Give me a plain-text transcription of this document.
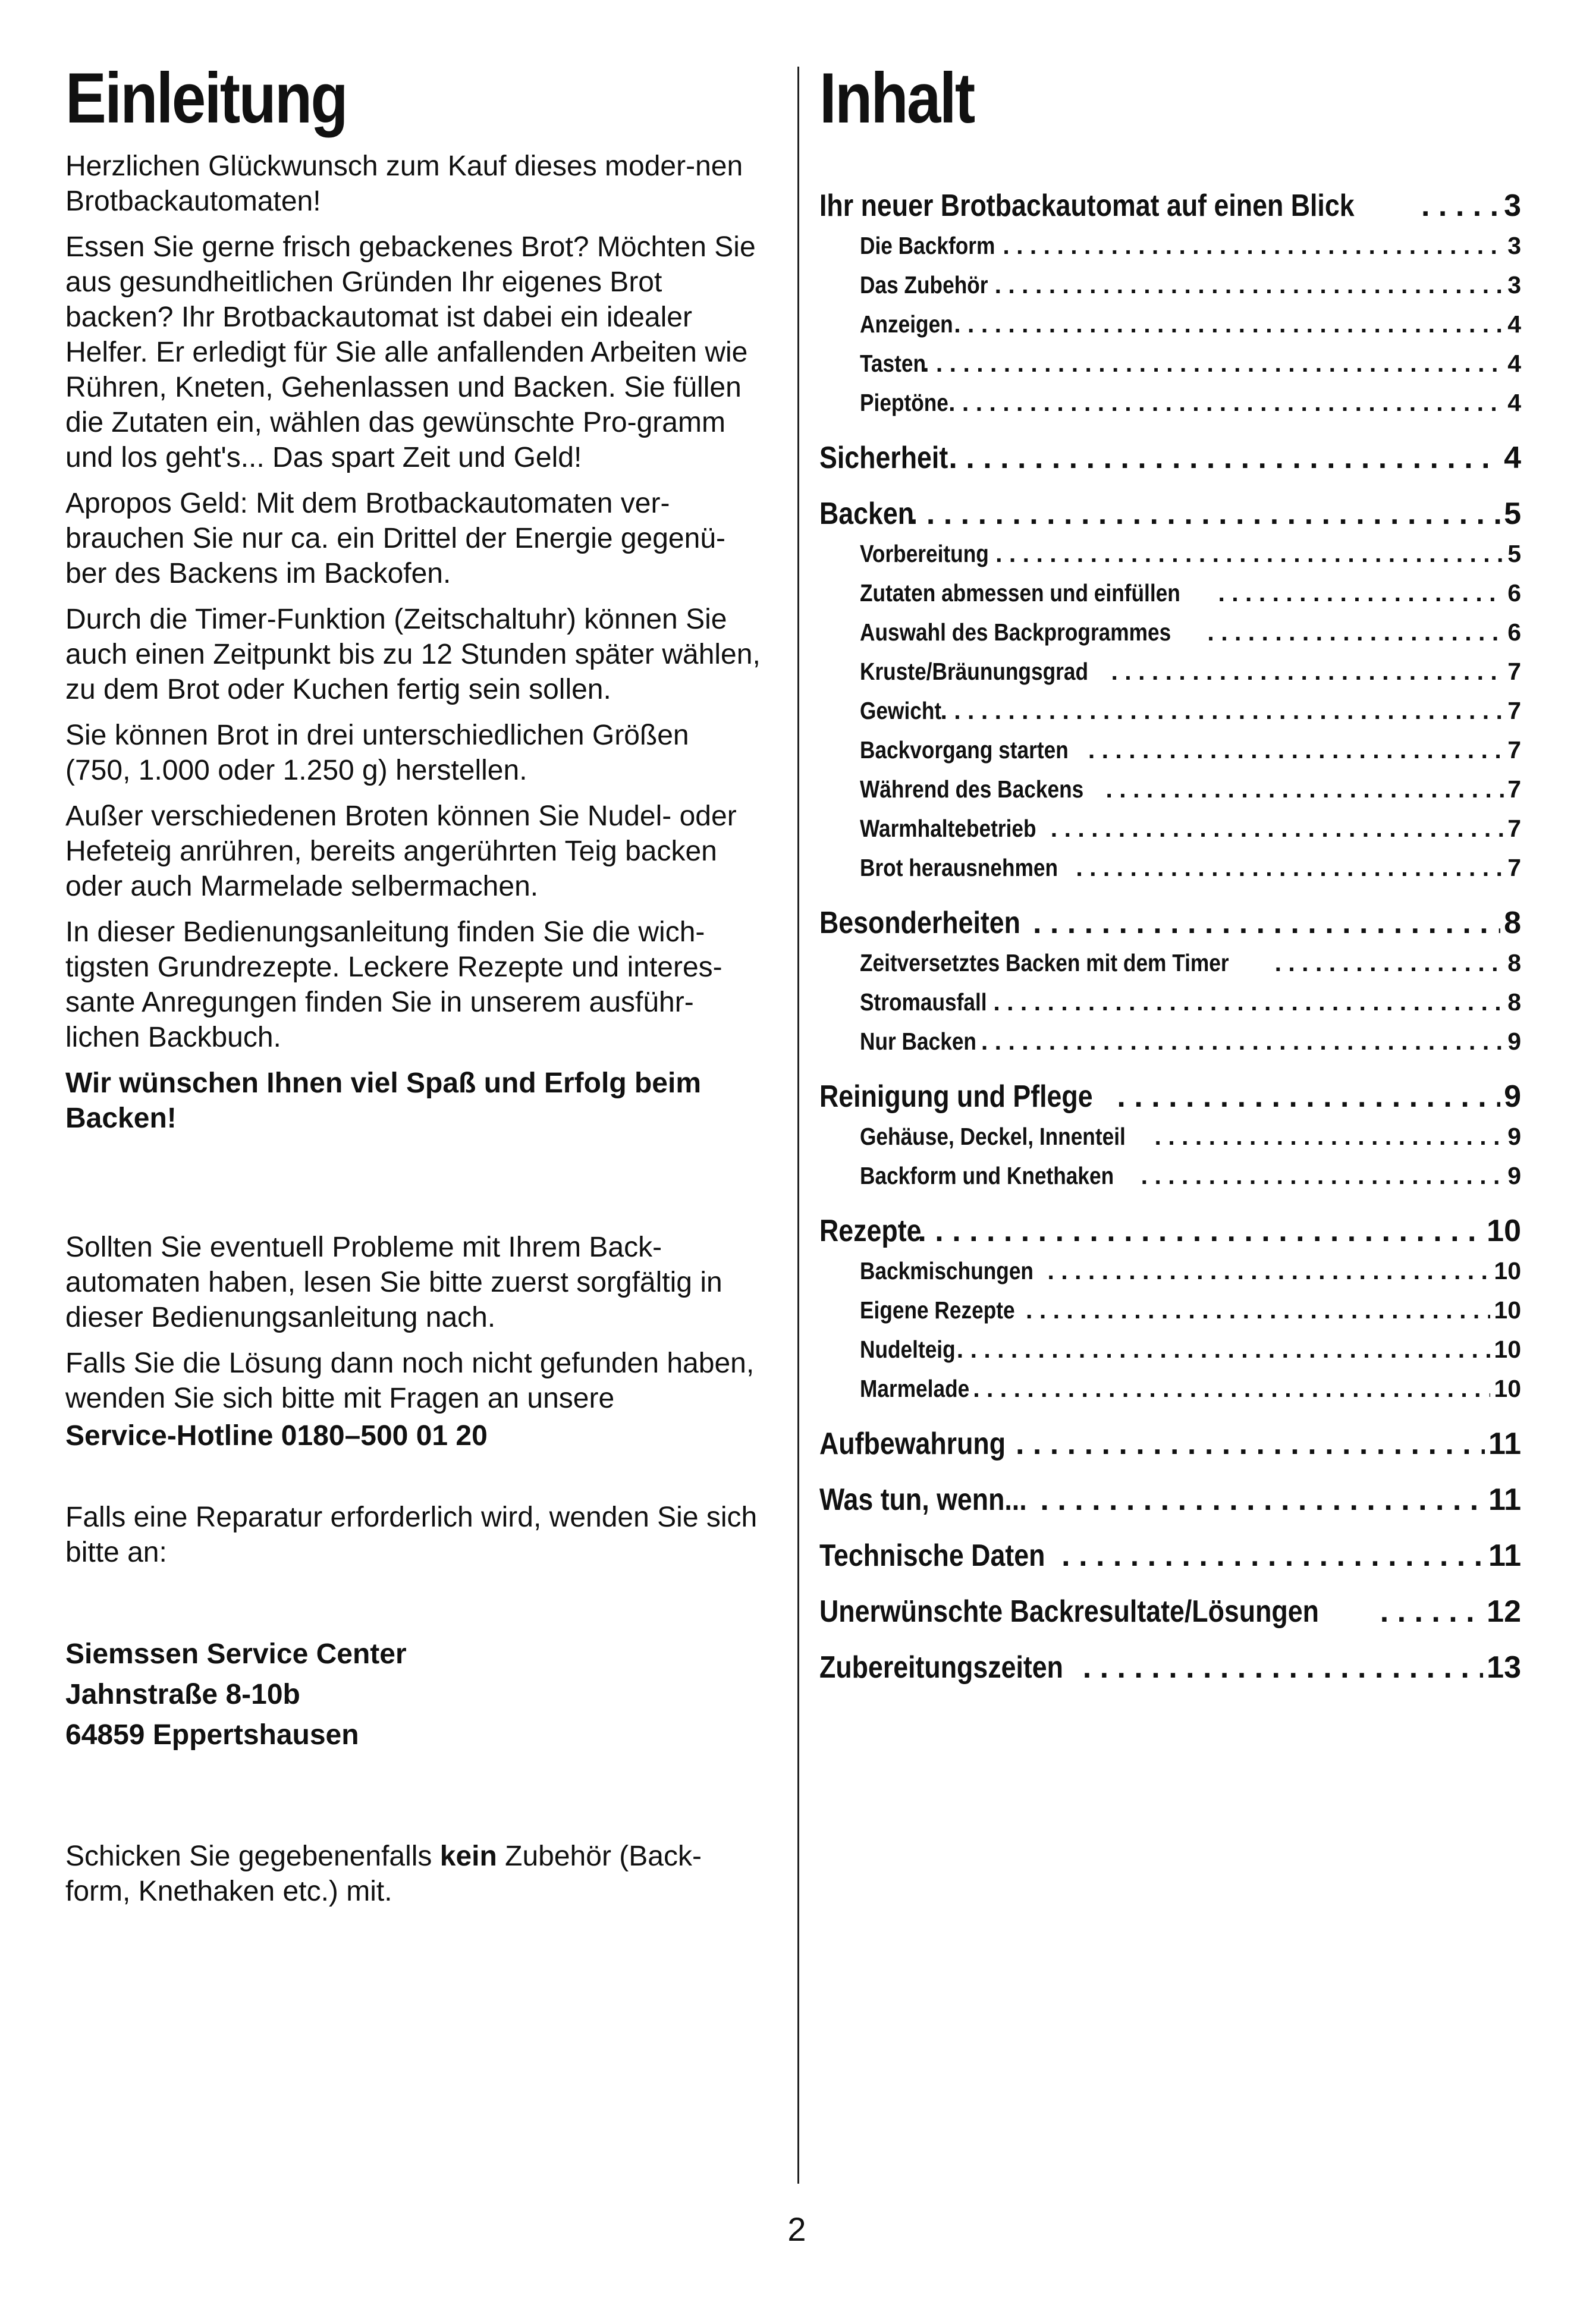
Einleitung

Herzlichen Glückwunsch zum Kauf dieses moder-nen Brotbackautomaten!

Essen Sie gerne frisch gebackenes Brot? Möchten Sie aus gesundheitlichen Gründen Ihr eigenes Brot backen? Ihr Brotbackautomat ist dabei ein idealer Helfer. Er erledigt für Sie alle anfallenden Arbeiten wie Rühren, Kneten, Gehenlassen und Backen. Sie füllen die Zutaten ein, wählen das gewünschte Pro-gramm und los geht's... Das spart Zeit und Geld!

Apropos Geld: Mit dem Brotbackautomaten ver-brauchen Sie nur ca. ein Drittel der Energie gegenü-ber des Backens im Backofen.

Durch die Timer-Funktion (Zeitschaltuhr) können Sie auch einen Zeitpunkt bis zu 12 Stunden später wählen, zu dem Brot oder Kuchen fertig sein sollen.

Sie können Brot in drei unterschiedlichen Größen (750, 1.000 oder 1.250 g) herstellen.

Außer verschiedenen Broten können Sie Nudel- oder Hefeteig anrühren, bereits angerührten Teig backen oder auch Marmelade selbermachen.

In dieser Bedienungsanleitung finden Sie die wich-tigsten Grundrezepte. Leckere Rezepte und interes-sante Anregungen finden Sie in unserem ausführ-lichen Backbuch.

Wir wünschen Ihnen viel Spaß und Erfolg beim Backen!

Sollten Sie eventuell Probleme mit Ihrem Back-automaten haben, lesen Sie bitte zuerst sorgfältig in dieser Bedienungsanleitung nach.

Falls Sie die Lösung dann noch nicht gefunden haben, wenden Sie sich bitte mit Fragen an unsere

Service-Hotline 0180–500 01 20

Falls eine Reparatur erforderlich wird, wenden Sie sich bitte an:

Siemssen Service Center
Jahnstraße 8-10b
64859 Eppertshausen

Schicken Sie gegebenenfalls kein Zubehör (Back-form, Knethaken etc.) mit.

Inhalt
Ihr neuer Brotbackautomat auf einen Blick . . .	3
Die Backform . . .	3
Das Zubehör . . .	3
Anzeigen . . .	4
Tasten . . .	4
Pieptöne . . .	4
Sicherheit . . .	4
Backen . . .	5
Vorbereitung . . .	5
Zutaten abmessen und einfüllen . . .	6
Auswahl des Backprogrammes . . .	6
Kruste/Bräunungsgrad . . .	7
Gewicht . . .	7
Backvorgang starten . . .	7
Während des Backens . . .	7
Warmhaltebetrieb . . .	7
Brot herausnehmen . . .	7
Besonderheiten . . .	8
Zeitversetztes Backen mit dem Timer . . .	8
Stromausfall . . .	8
Nur Backen . . .	9
Reinigung und Pflege . . .	9
Gehäuse, Deckel, Innenteil . . .	9
Backform und Knethaken . . .	9
Rezepte . . .	10
Backmischungen . . .	10
Eigene Rezepte . . .	10
Nudelteig . . .	10
Marmelade . . .	10
Aufbewahrung . . .	11
Was tun, wenn... . . .	11
Technische Daten . . .	11
Unerwünschte Backresultate/Lösungen . . .	12
Zubereitungszeiten . . .	13
2
